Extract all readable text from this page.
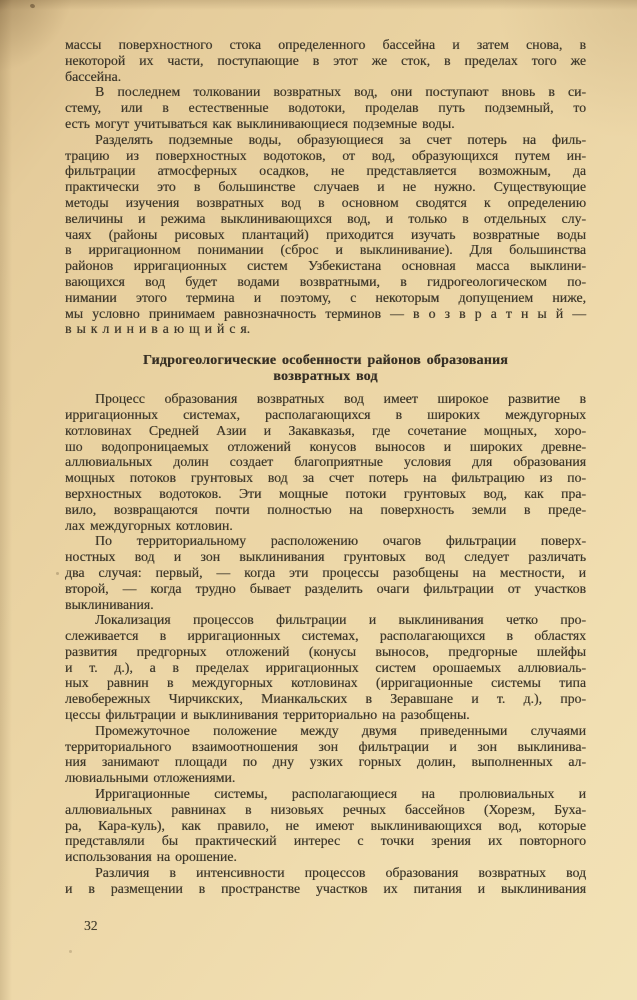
массы поверхностного стока определенного бассейна и затем снова, в
некоторой их части, поступающие в этот же сток, в пределах того же
бассейна.
В последнем толковании возвратных вод, они поступают вновь в си-
стему, или в естественные водотоки, проделав путь подземный, то
есть могут учитываться как выклинивающиеся подземные воды.
Разделять подземные воды, образующиеся за счет потерь на филь-
трацию из поверхностных водотоков, от вод, образующихся путем ин-
фильтрации атмосферных осадков, не представляется возможным, да
практически это в большинстве случаев и не нужно. Существующие
методы изучения возвратных вод в основном сводятся к определению
величины и режима выклинивающихся вод, и только в отдельных слу-
чаях (районы рисовых плантаций) приходится изучать возвратные воды
в ирригационном понимании (сброс и выклинивание). Для большинства
районов ирригационных систем Узбекистана основная масса выклини-
вающихся вод будет водами возвратными, в гидрогеологическом по-
нимании этого термина и поэтому, с некоторым допущением ниже,
мы условно принимаем равнозначность терминов — в о з в р а т н ы й —
в ы к л и н и в а ю щ и й с я.
Гидрогеологические особенности районов образования
возвратных вод
Процесс образования возвратных вод имеет широкое развитие в
ирригационных системах, располагающихся в широких междугорных
котловинах Средней Азии и Закавказья, где сочетание мощных, хоро-
шо водопроницаемых отложений конусов выносов и широких древне-
аллювиальных долин создает благоприятные условия для образования
мощных потоков грунтовых вод за счет потерь на фильтрацию из по-
верхностных водотоков. Эти мощные потоки грунтовых вод, как пра-
вило, возвращаются почти полностью на поверхность земли в преде-
лах междугорных котловин.
По территориальному расположению очагов фильтрации поверх-
ностных вод и зон выклинивания грунтовых вод следует различать
два случая: первый, — когда эти процессы разобщены на местности, и
второй, — когда трудно бывает разделить очаги фильтрации от участков
выклинивания.
Локализация процессов фильтрации и выклинивания четко про-
слеживается в ирригационных системах, располагающихся в областях
развития предгорных отложений (конусы выносов, предгорные шлейфы
и т. д.), а в пределах ирригационных систем орошаемых аллювиаль-
ных равнин в междугорных котловинах (ирригационные системы типа
левобережных Чирчикских, Мианкальских в Зеравшане и т. д.), про-
цессы фильтрации и выклинивания территориально на разобщены.
Промежуточное положение между двумя приведенными случаями
территориального взаимоотношения зон фильтрации и зон выклинива-
ния занимают площади по дну узких горных долин, выполненных ал-
лювиальными отложениями.
Ирригационные системы, располагающиеся на пролювиальных и
аллювиальных равнинах в низовьях речных бассейнов (Хорезм, Буха-
ра, Кара-куль), как правило, не имеют выклинивающихся вод, которые
представляли бы практический интерес с точки зрения их повторного
использования на орошение.
Различия в интенсивности процессов образования возвратных вод
и в размещении в пространстве участков их питания и выклинивания
32
